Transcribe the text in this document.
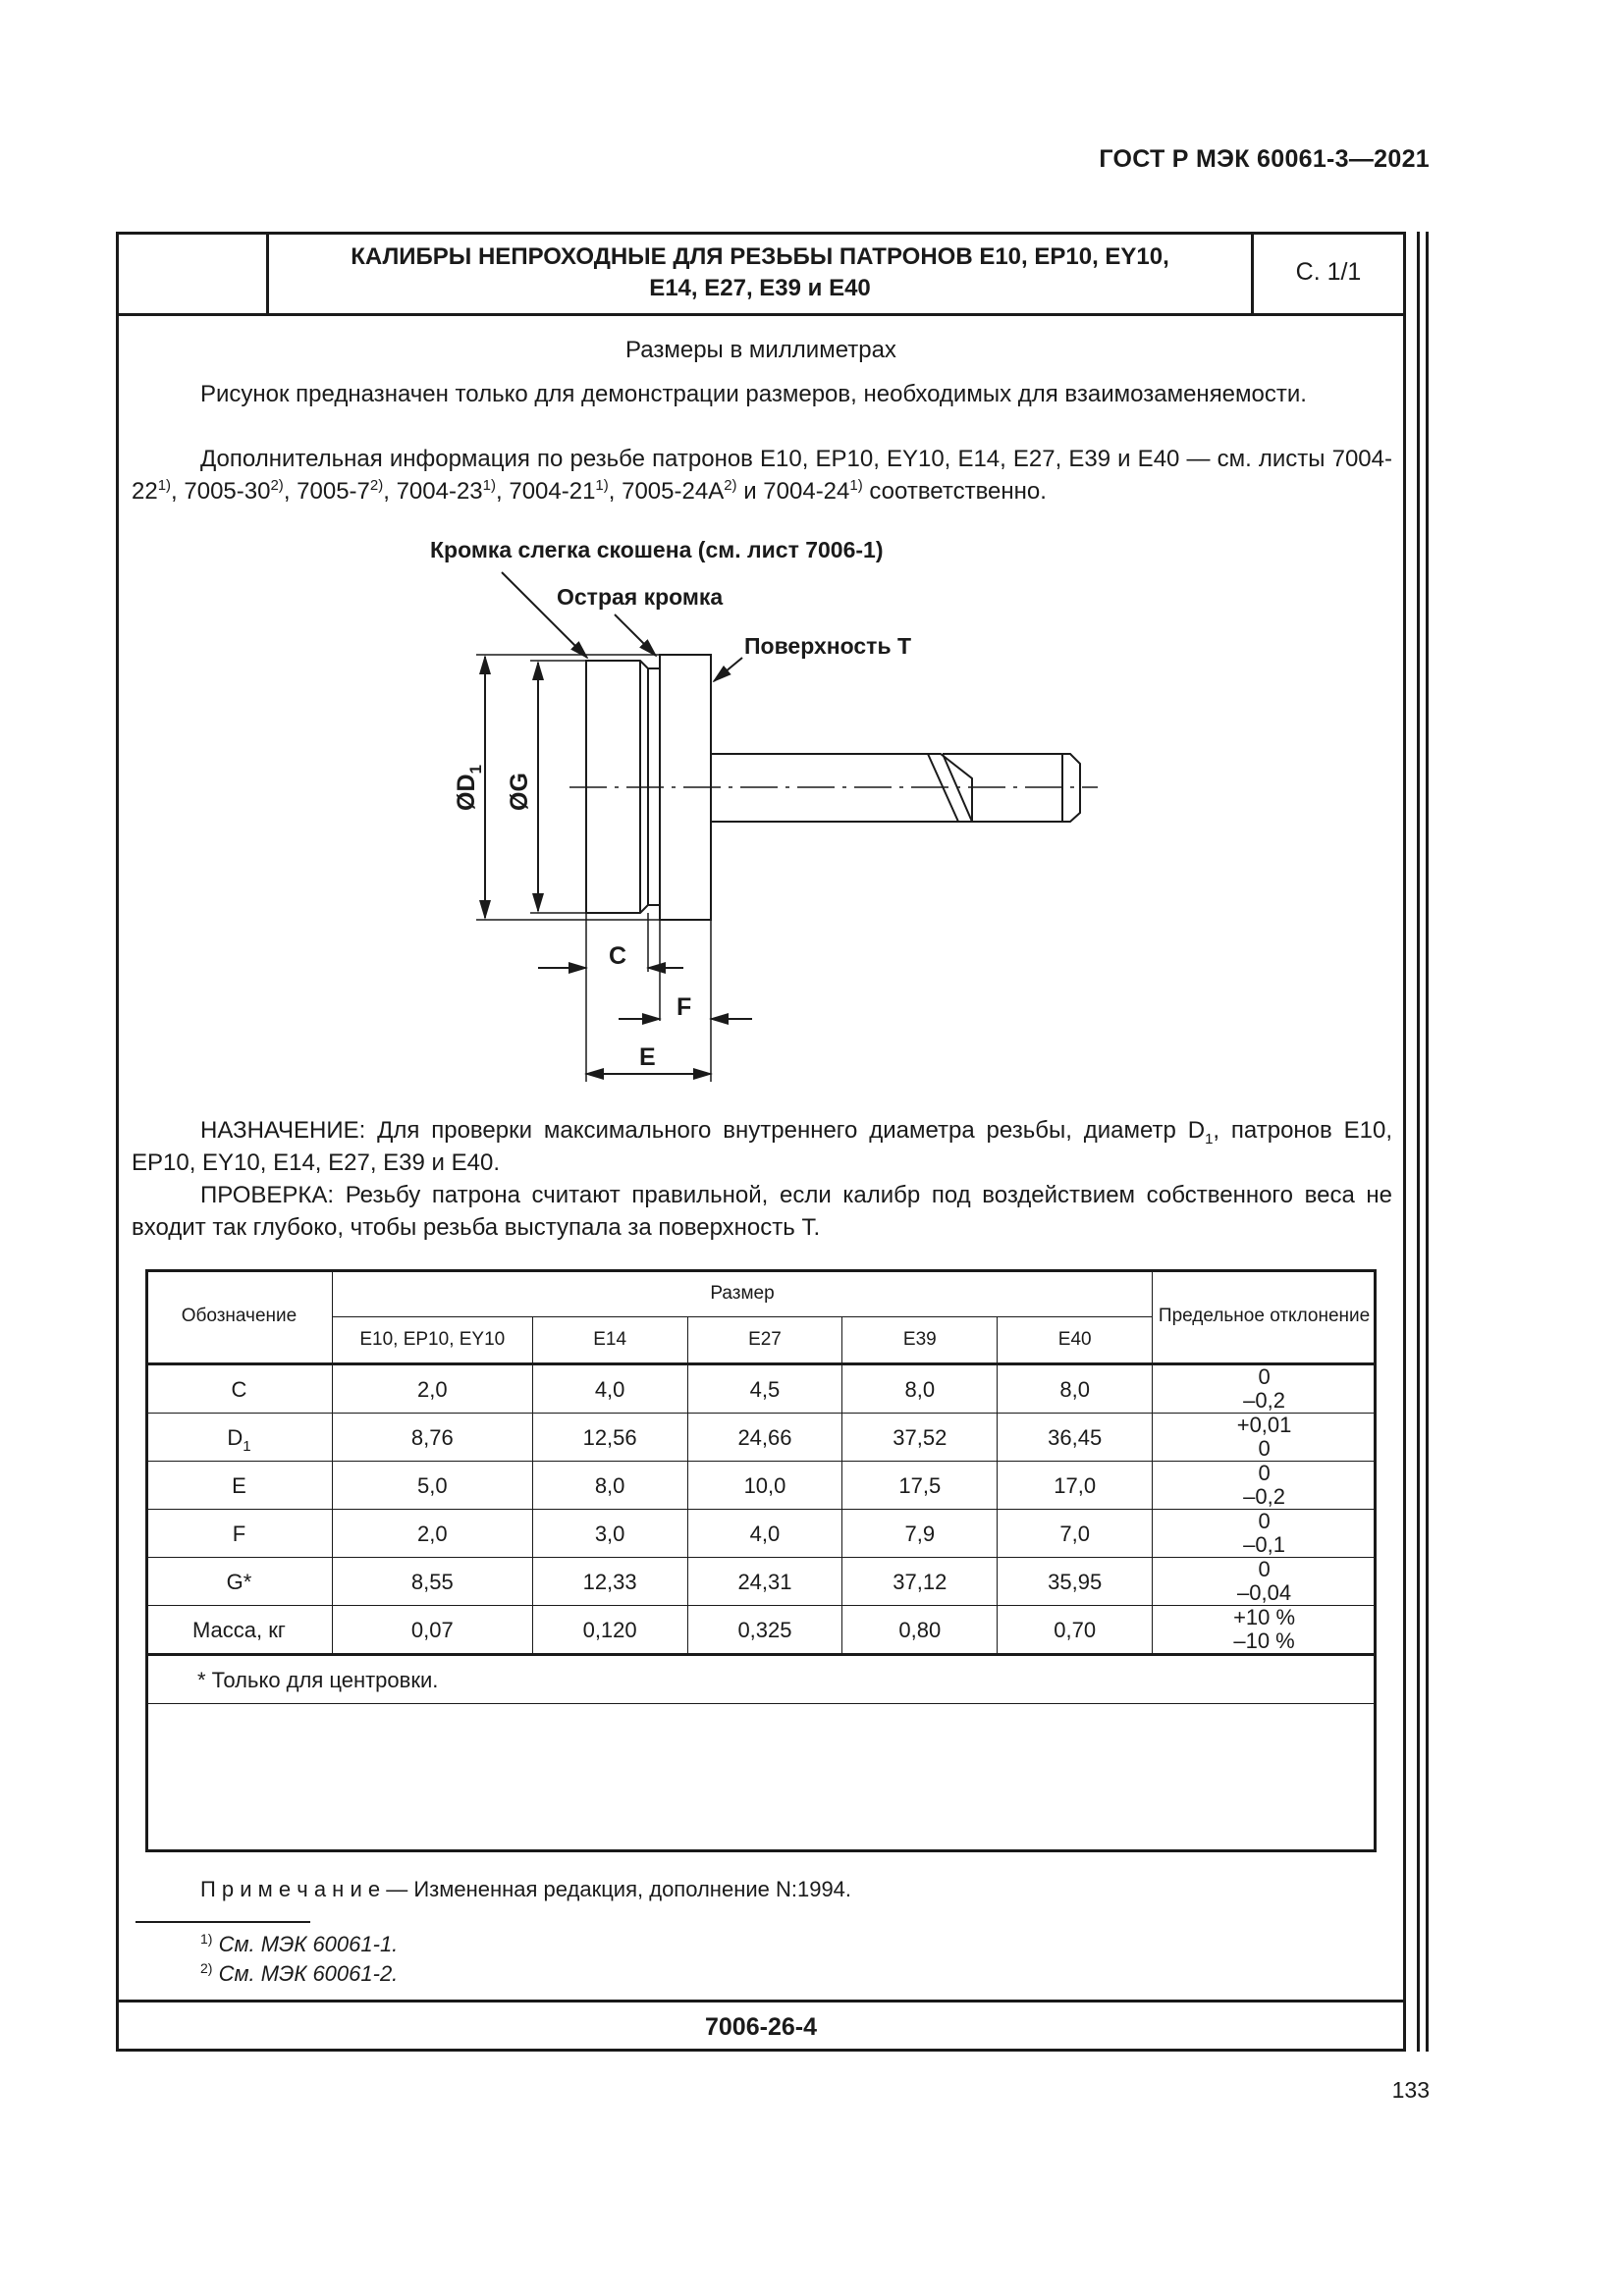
ГОСТ Р МЭК 60061-3—2021
КАЛИБРЫ НЕПРОХОДНЫЕ ДЛЯ РЕЗЬБЫ ПАТРОНОВ Е10, ЕР10, ЕY10,
Е14, Е27, Е39 и Е40
С. 1/1
Размеры в миллиметрах
Рисунок предназначен только для демонстрации размеров, необходимых для взаимозаменяемости.
Дополнительная информация по резьбе патронов Е10, ЕР10, ЕY10, Е14, Е27, Е39 и Е40 — см. листы 7004-22$^{1)}$, 7005-30$^{2)}$, 7005-7$^{2)}$, 7004-23$^{1)}$, 7004-21$^{1)}$, $7005-24А^{2)}$ и 7004-24$^{1)}$ соответственно.
Кромка слегка скошена (см. лист 7006-1)
Острая кромка
Поверхность Т
$ØD_1$
ØG
C
F
E
НАЗНАЧЕНИЕ: Для проверки максимального внутреннего диаметра резьбы, диаметр $D_1$, патронов Е10, ЕР10, ЕY10, Е14, Е27, Е39 и Е40.
ПРОВЕРКА: Резьбу патрона считают правильной, если калибр под воздействием собственного веса не входит так глубоко, чтобы резьба выступала за поверхность Т.
Обозначение	Размер					Предельное отклонение
	Е10, ЕР10, ЕY10	Е14	Е27	Е39	Е40	
C	2,0	4,0	4,5	8,0	8,0	0
–0,2

$D_1$	8,76	12,56	24,66	37,52	36,45	+0,01
0

E	5,0	8,0	10,0	17,5	17,0	0
–0,2

F	2,0	3,0	4,0	7,9	7,0	0
–0,1

G*	8,55	12,33	24,31	37,12	35,95	0
–0,04

Масса, кг	0,07	0,120	0,325	0,80	0,70	+10 %
–10 %

* Только для центровки.						
П р и м е ч а н и е — Измененная редакция, дополнение N:1994.
$^{1)}$ См. МЭК 60061-1.
$^{2)}$ См. МЭК 60061-2.
7006-26-4
133
